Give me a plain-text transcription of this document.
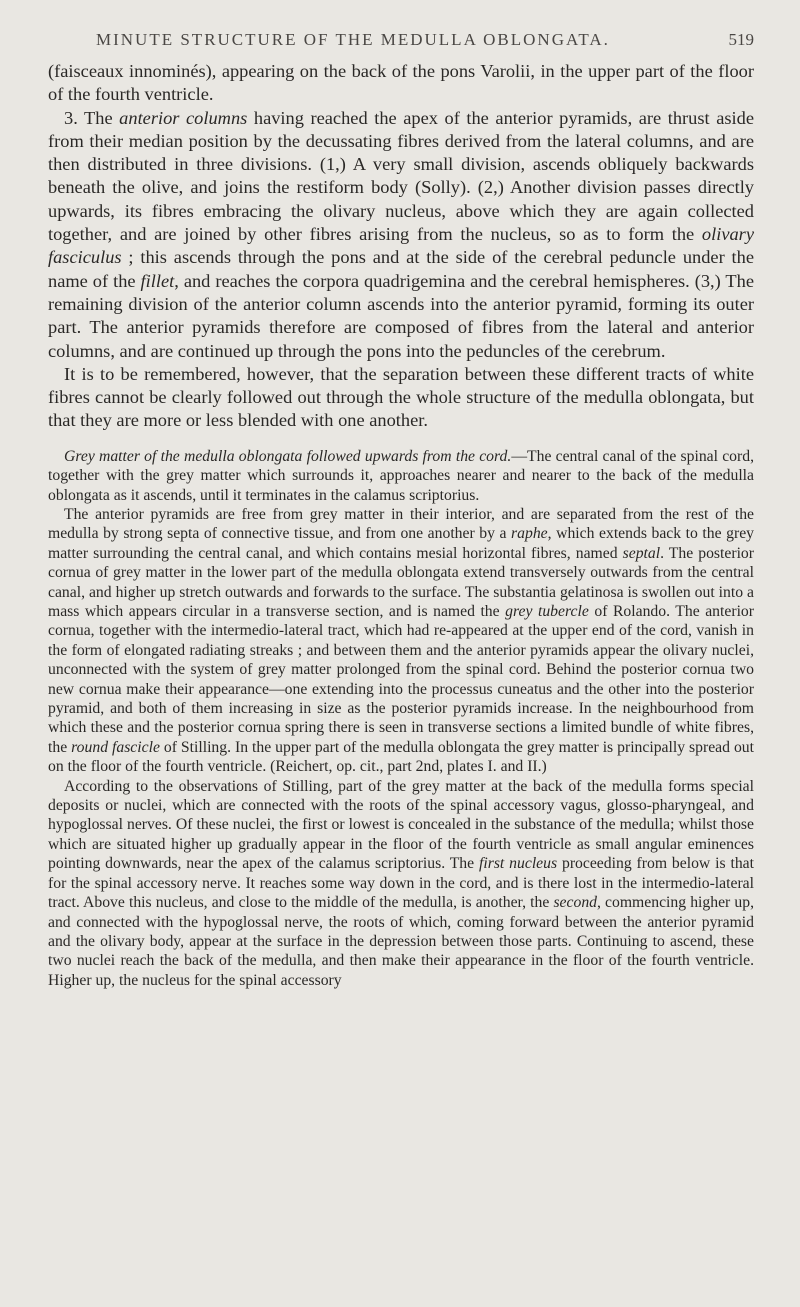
MINUTE STRUCTURE OF THE MEDULLA OBLONGATA.	519

(faisceaux innominés), appearing on the back of the pons Varolii, in the upper part of the floor of the fourth ventricle.

3. The anterior columns having reached the apex of the anterior pyramids, are thrust aside from their median position by the decussating fibres derived from the lateral columns, and are then distributed in three divisions. (1,) A very small division, ascends obliquely backwards beneath the olive, and joins the restiform body (Solly). (2,) Another division passes directly upwards, its fibres embracing the olivary nucleus, above which they are again collected together, and are joined by other fibres arising from the nucleus, so as to form the olivary fasciculus ; this ascends through the pons and at the side of the cerebral peduncle under the name of the fillet, and reaches the corpora quadrigemina and the cerebral hemispheres. (3,) The remaining division of the anterior column ascends into the anterior pyramid, forming its outer part. The anterior pyramids therefore are composed of fibres from the lateral and anterior columns, and are continued up through the pons into the peduncles of the cerebrum.

It is to be remembered, however, that the separation between these different tracts of white fibres cannot be clearly followed out through the whole structure of the medulla oblongata, but that they are more or less blended with one another.

Grey matter of the medulla oblongata followed upwards from the cord.—The central canal of the spinal cord, together with the grey matter which surrounds it, approaches nearer and nearer to the back of the medulla oblongata as it ascends, until it terminates in the calamus scriptorius.

The anterior pyramids are free from grey matter in their interior, and are separated from the rest of the medulla by strong septa of connective tissue, and from one another by a raphe, which extends back to the grey matter surrounding the central canal, and which contains mesial horizontal fibres, named septal. The posterior cornua of grey matter in the lower part of the medulla oblongata extend transversely outwards from the central canal, and higher up stretch outwards and forwards to the surface. The substantia gelatinosa is swollen out into a mass which appears circular in a transverse section, and is named the grey tubercle of Rolando. The anterior cornua, together with the intermedio-lateral tract, which had re-appeared at the upper end of the cord, vanish in the form of elongated radiating streaks ; and between them and the anterior pyramids appear the olivary nuclei, unconnected with the system of grey matter prolonged from the spinal cord. Behind the posterior cornua two new cornua make their appearance—one extending into the processus cuneatus and the other into the posterior pyramid, and both of them increasing in size as the posterior pyramids increase. In the neighbourhood from which these and the posterior cornua spring there is seen in transverse sections a limited bundle of white fibres, the round fascicle of Stilling. In the upper part of the medulla oblongata the grey matter is principally spread out on the floor of the fourth ventricle. (Reichert, op. cit., part 2nd, plates I. and II.)

According to the observations of Stilling, part of the grey matter at the back of the medulla forms special deposits or nuclei, which are connected with the roots of the spinal accessory vagus, glosso-pharyngeal, and hypoglossal nerves. Of these nuclei, the first or lowest is concealed in the substance of the medulla; whilst those which are situated higher up gradually appear in the floor of the fourth ventricle as small angular eminences pointing downwards, near the apex of the calamus scriptorius. The first nucleus proceeding from below is that for the spinal accessory nerve. It reaches some way down in the cord, and is there lost in the intermedio-lateral tract. Above this nucleus, and close to the middle of the medulla, is another, the second, commencing higher up, and connected with the hypoglossal nerve, the roots of which, coming forward between the anterior pyramid and the olivary body, appear at the surface in the depression between those parts. Continuing to ascend, these two nuclei reach the back of the medulla, and then make their appearance in the floor of the fourth ventricle. Higher up, the nucleus for the spinal accessory
